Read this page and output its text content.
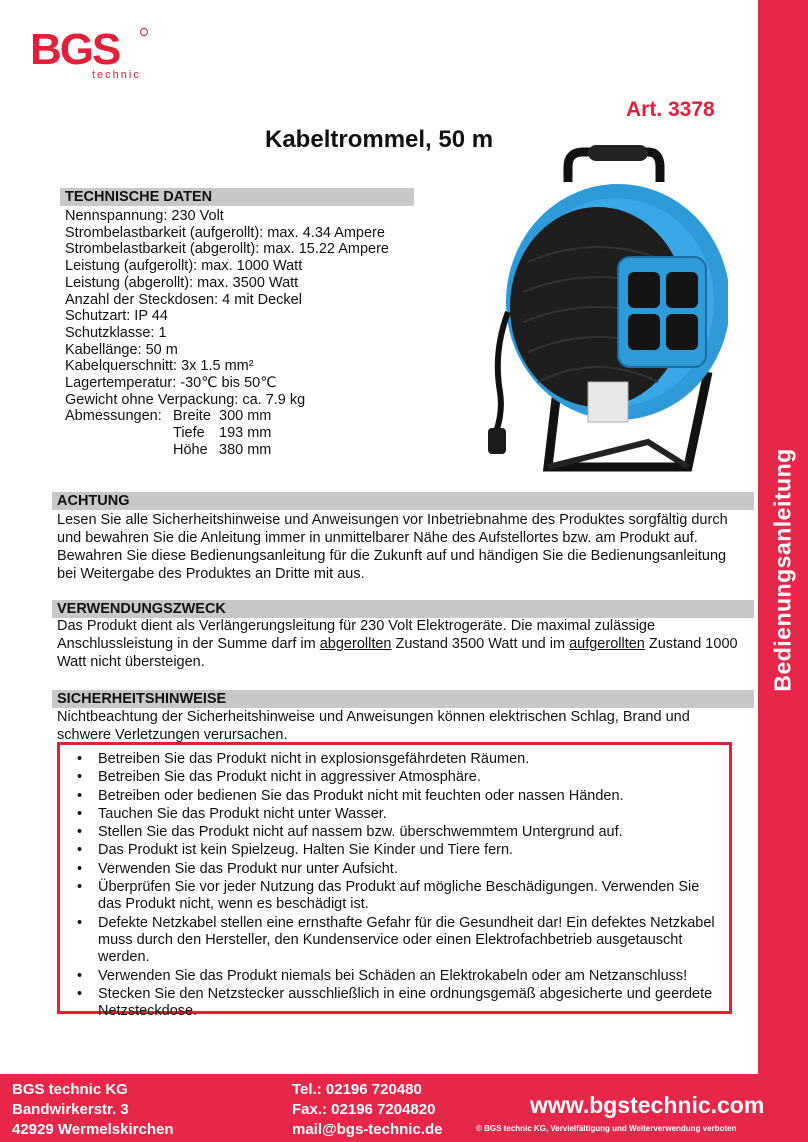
BGS
technic
Art. 3378
Kabeltrommel, 50 m
Bedienungsanleitung
TECHNISCHE DATEN
Nennspannung: 230 Volt
Strombelastbarkeit (aufgerollt): max. 4.34 Ampere
Strombelastbarkeit (abgerollt): max. 15.22 Ampere
Leistung (aufgerollt): max. 1000 Watt
Leistung (abgerollt): max. 3500 Watt
Anzahl der Steckdosen: 4 mit Deckel
Schutzart: IP 44
Schutzklasse: 1
Kabellänge: 50 m
Kabelquerschnitt: 3x 1.5 mm²
Lagertemperatur: -30℃ bis 50℃
Gewicht ohne Verpackung: ca. 7.9 kg
Abmessungen: Breite 300 mm
Tiefe 193 mm
Höhe 380 mm
ACHTUNG
Lesen Sie alle Sicherheitshinweise und Anweisungen vor Inbetriebnahme des Produktes sorgfältig durch und bewahren Sie die Anleitung immer in unmittelbarer Nähe des Aufstellortes bzw. am Produkt auf. Bewahren Sie diese Bedienungsanleitung für die Zukunft auf und händigen Sie die Bedienungsanleitung bei Weitergabe des Produktes an Dritte mit aus.
VERWENDUNGSZWECK
Das Produkt dient als Verlängerungsleitung für 230 Volt Elektrogeräte. Die maximal zulässige Anschlussleistung in der Summe darf im abgerollten Zustand 3500 Watt und im aufgerollten Zustand 1000 Watt nicht übersteigen.
SICHERHEITSHINWEISE
Nichtbeachtung der Sicherheitshinweise und Anweisungen können elektrischen Schlag, Brand und schwere Verletzungen verursachen.
• Betreiben Sie das Produkt nicht in explosionsgefährdeten Räumen.
• Betreiben Sie das Produkt nicht in aggressiver Atmosphäre.
• Betreiben oder bedienen Sie das Produkt nicht mit feuchten oder nassen Händen.
• Tauchen Sie das Produkt nicht unter Wasser.
• Stellen Sie das Produkt nicht auf nassem bzw. überschwemmtem Untergrund auf.
• Das Produkt ist kein Spielzeug. Halten Sie Kinder und Tiere fern.
• Verwenden Sie das Produkt nur unter Aufsicht.
• Überprüfen Sie vor jeder Nutzung das Produkt auf mögliche Beschädigungen. Verwenden Sie das Produkt nicht, wenn es beschädigt ist.
• Defekte Netzkabel stellen eine ernsthafte Gefahr für die Gesundheit dar! Ein defektes Netzkabel muss durch den Hersteller, den Kundenservice oder einen Elektrofachbetrieb ausgetauscht werden.
• Verwenden Sie das Produkt niemals bei Schäden an Elektrokabeln oder am Netzanschluss!
• Stecken Sie den Netzstecker ausschließlich in eine ordnungsgemäß abgesicherte und geerdete Netzsteckdose.
BGS technic KG
Bandwirkerstr. 3
42929 Wermelskirchen
Tel.: 02196 720480
Fax.: 02196 7204820
mail@bgs-technic.de
www.bgstechnic.com
© BGS technic KG, Vervielfältigung und Weiterverwendung verboten
